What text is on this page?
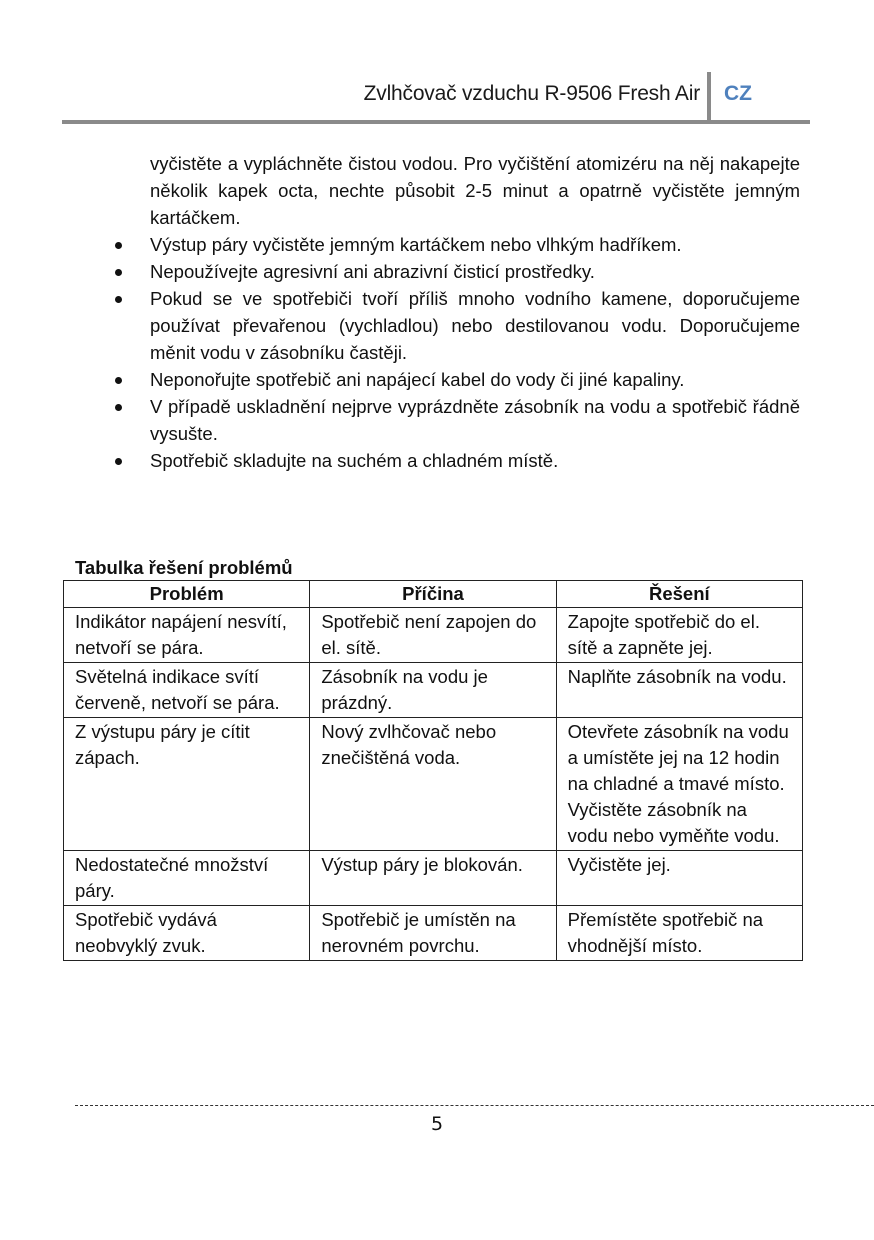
Zvlhčovač vzduchu R-9506 Fresh Air CZ

vyčistěte a vypláchněte čistou vodou. Pro vyčištění atomizéru na něj nakapejte několik kapek octa, nechte působit 2-5 minut a opatrně vyčistěte jemným kartáčkem.

Výstup páry vyčistěte jemným kartáčkem nebo vlhkým hadříkem.
Nepoužívejte agresivní ani abrazivní čisticí prostředky.
Pokud se ve spotřebiči tvoří příliš mnoho vodního kamene, doporučujeme používat převařenou (vychladlou) nebo destilovanou vodu. Doporučujeme měnit vodu v zásobníku častěji.
Neponořujte spotřebič ani napájecí kabel do vody či jiné kapaliny.
V případě uskladnění nejprve vyprázdněte zásobník na vodu a spotřebič řádně vysušte.
Spotřebič skladujte na suchém a chladném místě.
Tabulka řešení problémů
Problém	Příčina	Řešení
Indikátor napájení nesvítí, netvoří se pára.	Spotřebič není zapojen do el. sítě.	Zapojte spotřebič do el. sítě a zapněte jej.
Světelná indikace svítí červeně, netvoří se pára.	Zásobník na vodu je prázdný.	Naplňte zásobník na vodu.
Z výstupu páry je cítit zápach.	Nový zvlhčovač nebo znečištěná voda.	Otevřete zásobník na vodu a umístěte jej na 12 hodin na chladné a tmavé místo.
Vyčistěte zásobník na vodu nebo vyměňte vodu.

Nedostatečné množství páry.	Výstup páry je blokován.	Vyčistěte jej.
Spotřebič vydává neobvyklý zvuk.	Spotřebič je umístěn na nerovném povrchu.	Přemístěte spotřebič na vhodnější místo.
5
